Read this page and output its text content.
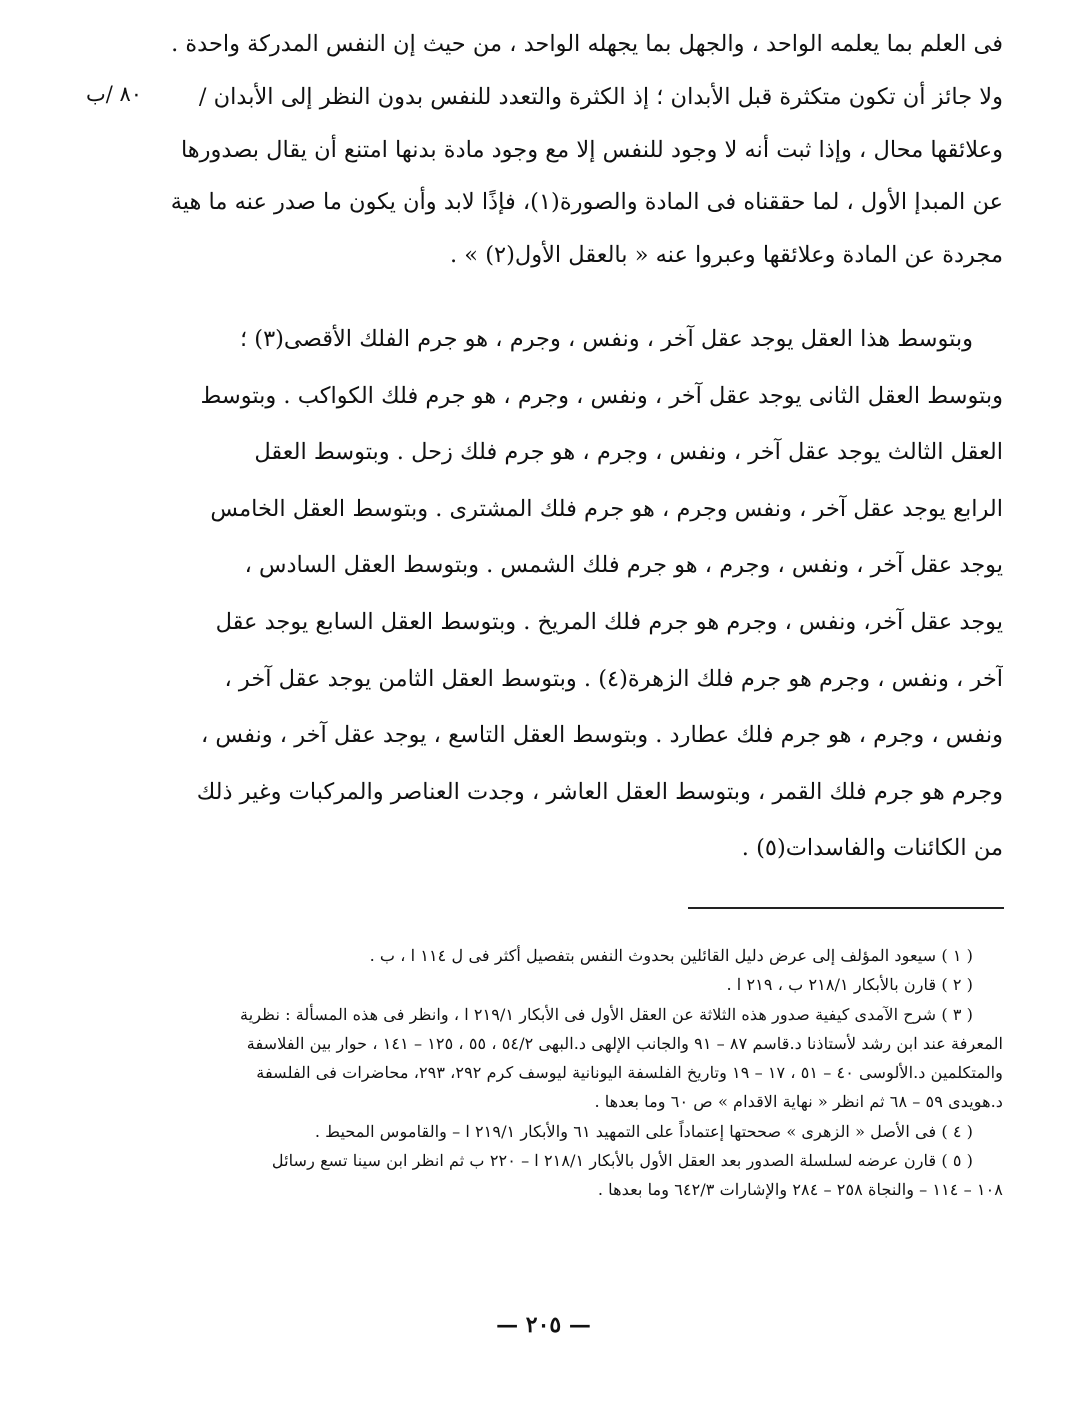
٨٠ /ب
فى العلم بما يعلمه الواحد ، والجهل بما يجهله الواحد ، من حيث إن النفس المدركة واحدة .
ولا جائز أن تكون متكثرة قبل الأبدان ؛ إذ الكثرة والتعدد للنفس بدون النظر إلى الأبدان /
وعلائقها محال ، وإذا ثبت أنه لا وجود للنفس إلا مع وجود مادة بدنها امتنع أن يقال بصدورها
عن المبدإ الأول ، لما حققناه فى المادة والصورة(١)، فإذًا لابد وأن يكون ما صدر عنه ما هية
مجردة عن المادة وعلائقها وعبروا عنه « بالعقل الأول(٢) » .
وبتوسط هذا العقل يوجد عقل آخر ، ونفس ، وجرم ، هو جرم الفلك الأقصى(٣) ؛
وبتوسط العقل الثانى يوجد عقل آخر ، ونفس ، وجرم ، هو جرم فلك الكواكب . وبتوسط
العقل الثالث يوجد عقل آخر ، ونفس ، وجرم ، هو جرم فلك زحل . وبتوسط العقل
الرابع يوجد عقل آخر ، ونفس وجرم ، هو جرم فلك المشترى . وبتوسط العقل الخامس
يوجد عقل آخر ، ونفس ، وجرم ، هو جرم فلك الشمس . وبتوسط العقل السادس ،
يوجد عقل آخر، ونفس ، وجرم هو جرم فلك المريخ . وبتوسط العقل السابع يوجد عقل
آخر ، ونفس ، وجرم هو جرم فلك الزهرة(٤) . وبتوسط العقل الثامن يوجد عقل آخر ،
ونفس ، وجرم ، هو جرم فلك عطارد . وبتوسط العقل التاسع ، يوجد عقل آخر ، ونفس ،
وجرم هو جرم فلك القمر ، وبتوسط العقل العاشر ، وجدت العناصر والمركبات وغير ذلك
من الكائنات والفاسدات(٥) .
( ١ ) سيعود المؤلف إلى عرض دليل القائلين بحدوث النفس بتفصيل أكثر فى ل ١١٤ ا ، ب .
( ٢ ) قارن بالأبكار ٢١٨/١ ب ، ٢١٩ ا .
( ٣ ) شرح الآمدى كيفية صدور هذه الثلاثة عن العقل الأول فى الأبكار ٢١٩/١ ا ، وانظر فى هذه المسألة : نظرية
المعرفة عند ابن رشد لأستاذنا د.قاسم ٨٧ – ٩١ والجانب الإلهى د.البهى ٥٤/٢ ، ٥٥ ، ١٢٥ – ١٤١ ، حوار بين الفلاسفة
والمتكلمين د.الألوسى ٤٠ – ٥١ ، ١٧ – ١٩ وتاريخ الفلسفة اليونانية ليوسف كرم ٢٩٢، ٢٩٣، محاضرات فى الفلسفة
د.هويدى ٥٩ – ٦٨ ثم انظر « نهاية الاقدام » ص ٦٠ وما بعدها .
( ٤ ) فى الأصل « الزهرى » صححتها إعتماداً على التمهيد ٦١ والأبكار ٢١٩/١ ا – والقاموس المحيط .
( ٥ ) قارن عرضه لسلسلة الصدور بعد العقل الأول بالأبكار ٢١٨/١ ا – ٢٢٠ ب ثم انظر ابن سينا تسع رسائل
١٠٨ – ١١٤ – والنجاة ٢٥٨ – ٢٨٤ والإشارات ٦٤٢/٣ وما بعدها .
— ٢٠٥ —
